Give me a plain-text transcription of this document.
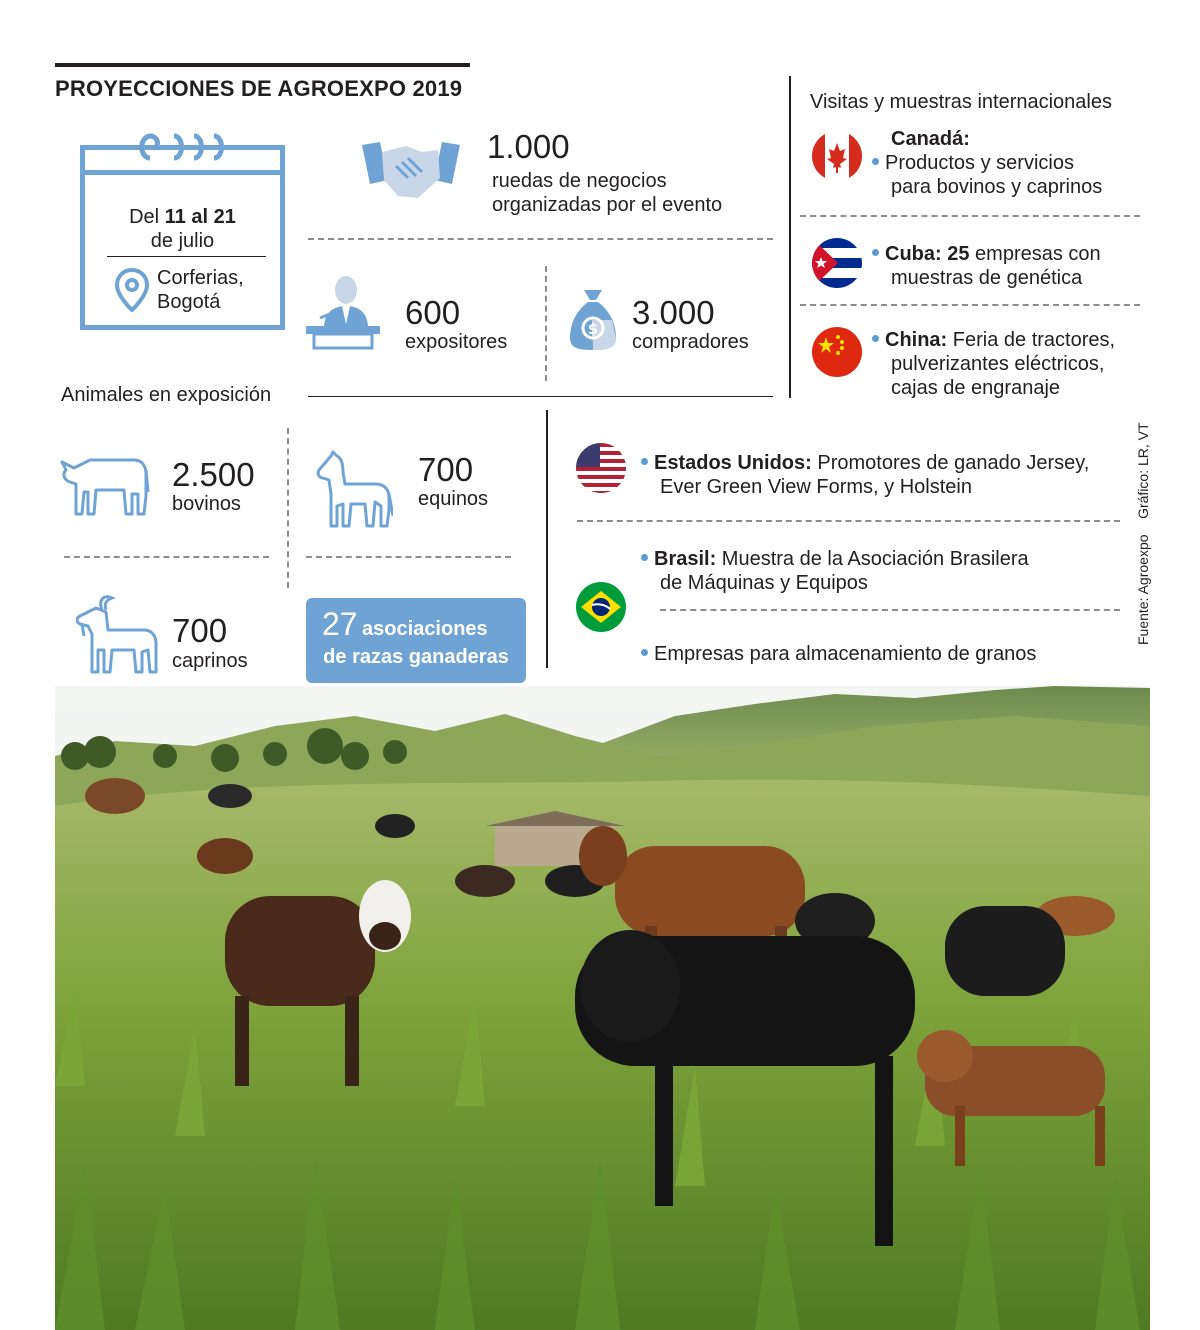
PROYECCIONES DE AGROEXPO 2019
Del 11 al 21
de julio
Corferias,
Bogotá
1.000
ruedas de negocios
organizadas por el evento
600
expositores
$ 3.000
compradores
Animales en exposición
2.500
bovinos
700
equinos
700
caprinos
27 asociaciones
de razas ganaderas
Visitas y muestras internacionales
Canadá:
Productos y servicios
para bovinos y caprinos
Cuba: 25 empresas con
muestras de genética
China: Feria de tractores,
pulverizantes eléctricos,
cajas de engranaje
Estados Unidos: Promotores de ganado Jersey,
Ever Green View Forms, y Holstein
Brasil: Muestra de la Asociación Brasilera
de Máquinas y Equipos
Empresas para almacenamiento de granos
Fuente: Agroexpo    Gráfico: LR, VT
